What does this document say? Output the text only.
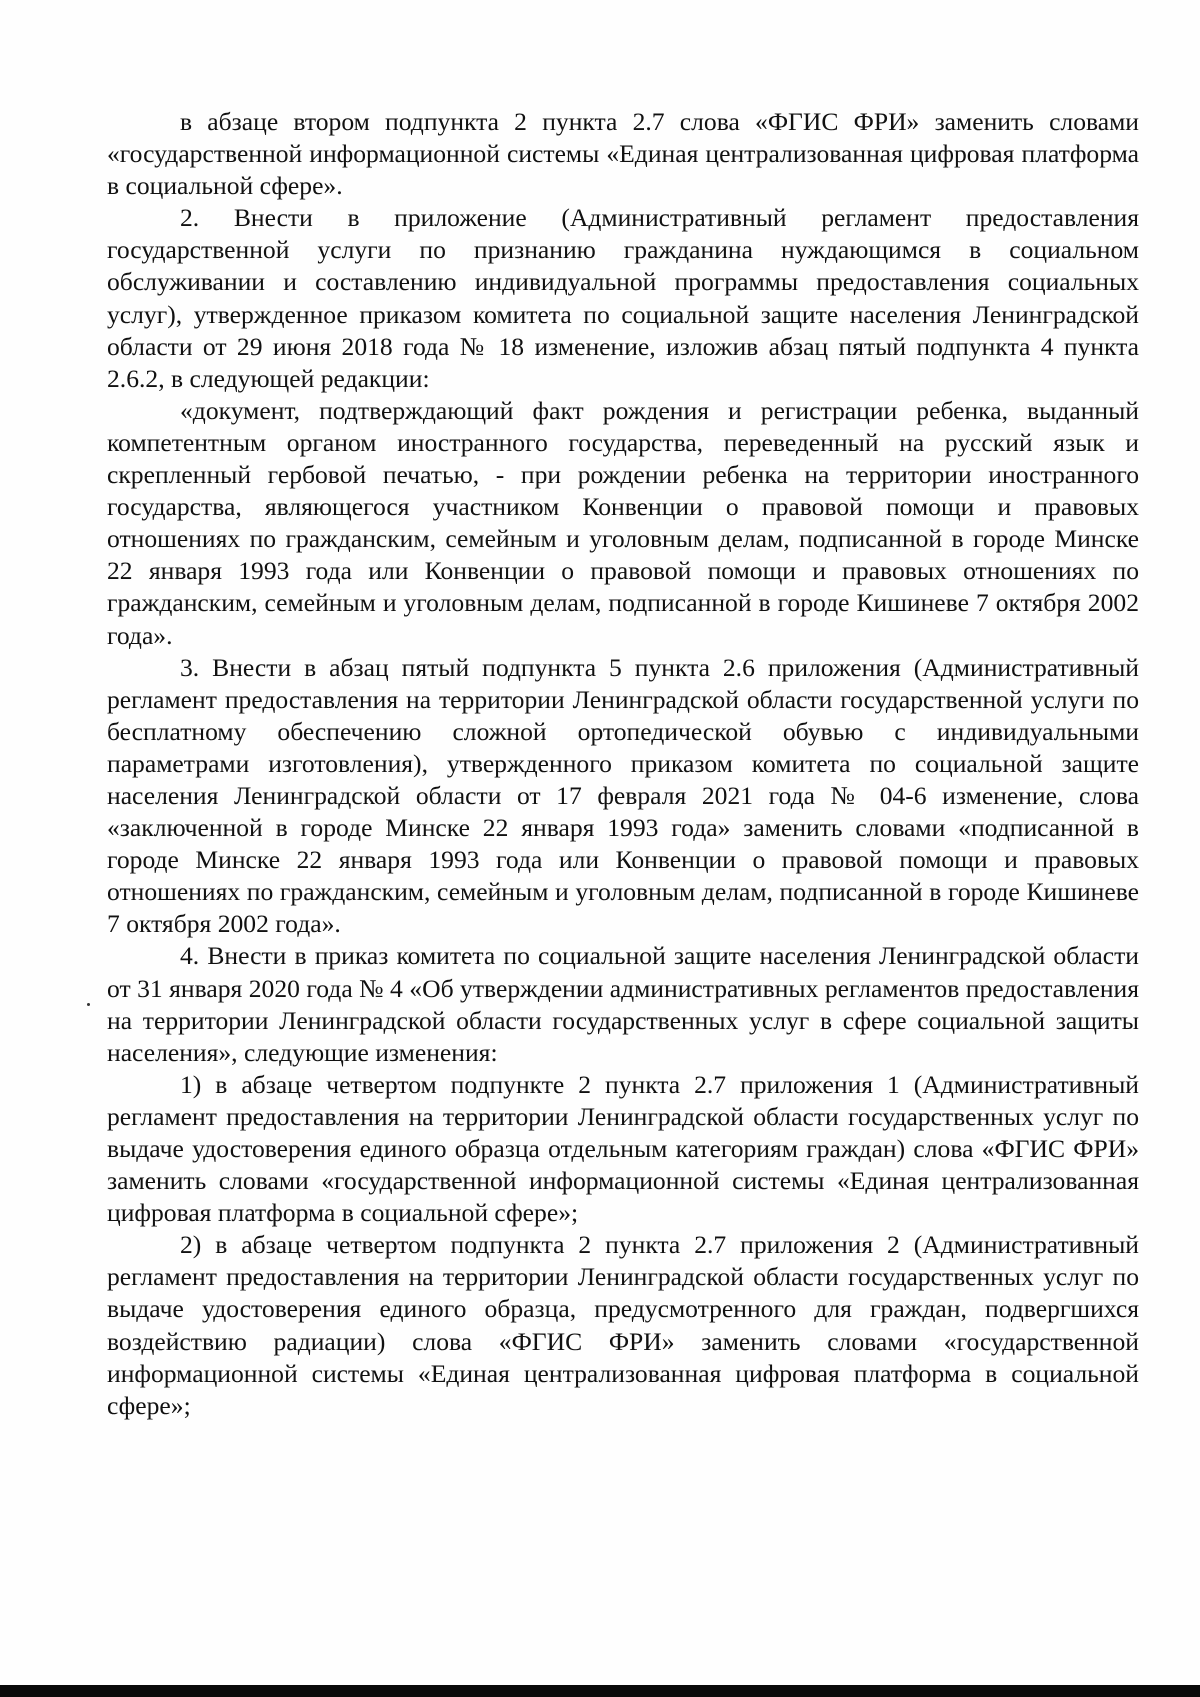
в абзаце втором подпункта 2 пункта 2.7 слова «ФГИС ФРИ» заменить словами «государственной информационной системы «Единая централизованная цифровая платформа в социальной сфере».

2. Внести в приложение (Административный регламент предоставления государственной услуги по признанию гражданина нуждающимся в социальном обслуживании и составлению индивидуальной программы предоставления социальных услуг), утвержденное приказом комитета по социальной защите населения Ленинградской области от 29 июня 2018 года № 18 изменение, изложив абзац пятый подпункта 4 пункта 2.6.2, в следующей редакции:

«документ, подтверждающий факт рождения и регистрации ребенка, выданный компетентным органом иностранного государства, переведенный на русский язык и скрепленный гербовой печатью, - при рождении ребенка на территории иностранного государства, являющегося участником Конвенции о правовой помощи и правовых отношениях по гражданским, семейным и уголовным делам, подписанной в городе Минске 22 января 1993 года или Конвенции о правовой помощи и правовых отношениях по гражданским, семейным и уголовным делам, подписанной в городе Кишиневе 7 октября 2002 года».

3. Внести в абзац пятый подпункта 5 пункта 2.6 приложения (Административный регламент предоставления на территории Ленинградской области государственной услуги по бесплатному обеспечению сложной ортопедической обувью с индивидуальными параметрами изготовления), утвержденного приказом комитета по социальной защите населения Ленинградской области от 17 февраля 2021 года № 04-6 изменение, слова «заключенной в городе Минске 22 января 1993 года» заменить словами «подписанной в городе Минске 22 января 1993 года или Конвенции о правовой помощи и правовых отношениях по гражданским, семейным и уголовным делам, подписанной в городе Кишиневе 7 октября 2002 года».

4. Внести в приказ комитета по социальной защите населения Ленинградской области от 31 января 2020 года № 4 «Об утверждении административных регламентов предоставления на территории Ленинградской области государственных услуг в сфере социальной защиты населения», следующие изменения:

1) в абзаце четвертом подпункте 2 пункта 2.7 приложения 1 (Административный регламент предоставления на территории Ленинградской области государственных услуг по выдаче удостоверения единого образца отдельным категориям граждан) слова «ФГИС ФРИ» заменить словами «государственной информационной системы «Единая централизованная цифровая платформа в социальной сфере»;

2) в абзаце четвертом подпункта 2 пункта 2.7 приложения 2 (Административный регламент предоставления на территории Ленинградской области государственных услуг по выдаче удостоверения единого образца, предусмотренного для граждан, подвергшихся воздействию радиации) слова «ФГИС ФРИ» заменить словами «государственной информационной системы «Единая централизованная цифровая платформа в социальной сфере»;
